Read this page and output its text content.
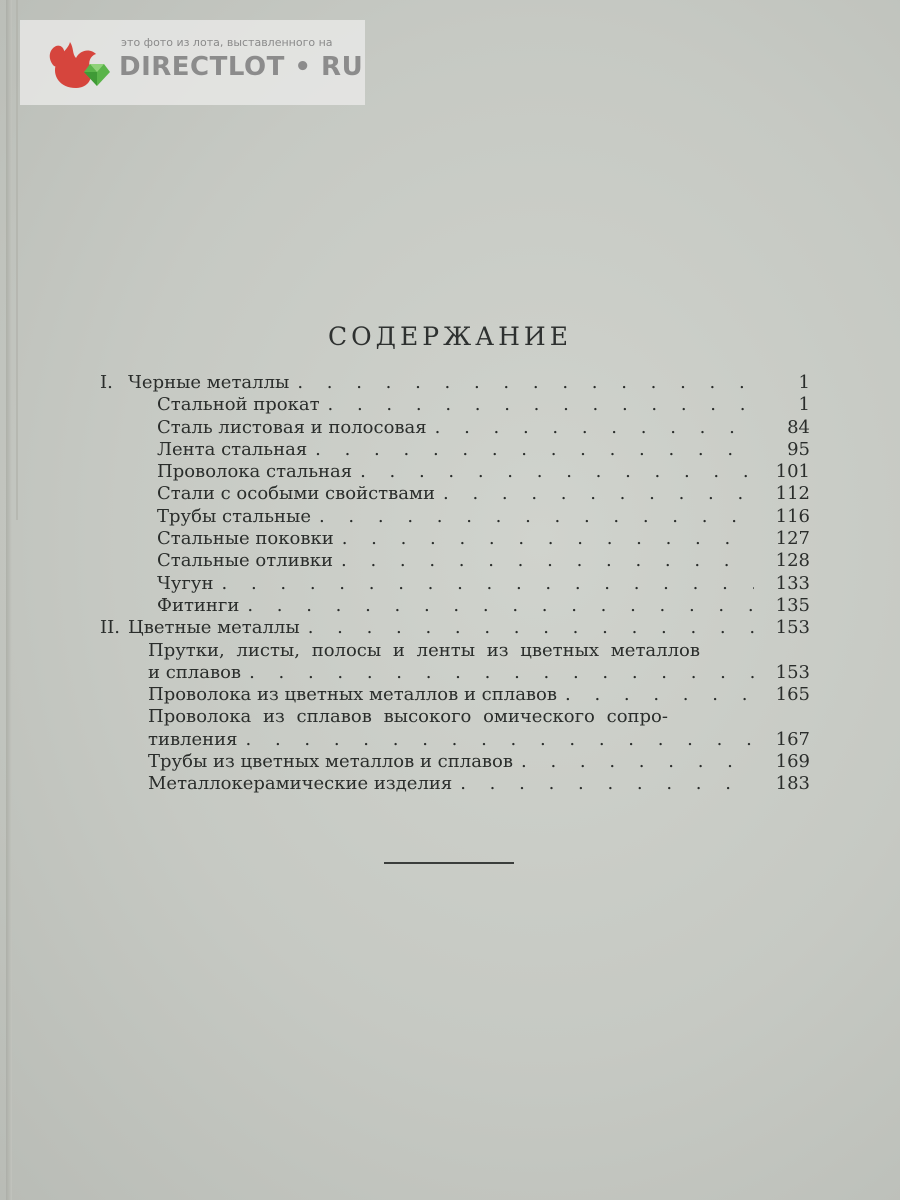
это фото из лота, выставленного на
DIRECTLOT • RU
СОДЕРЖАНИЕ
I. Черные металлы . . .	1
Стальной прокат . . .	1
Сталь листовая и полосовая . . .	84
Лента стальная . . .	95
Проволока стальная . . .	101
Стали с особыми свойствами . . .	112
Трубы стальные . . .	116
Стальные поковки . . .	127
Стальные отливки . . .	128
Чугун . . .	133
Фитинги . . .	135
II. Цветные металлы . . .	153
Прутки, листы, полосы и ленты из цветных металлов
и сплавов . . .	153
Проволока из цветных металлов и сплавов . . .	165
Проволока из сплавов высокого омического сопро-
тивления . . .	167
Трубы из цветных металлов и сплавов . . .	169
Металлокерамические изделия . . .	183
